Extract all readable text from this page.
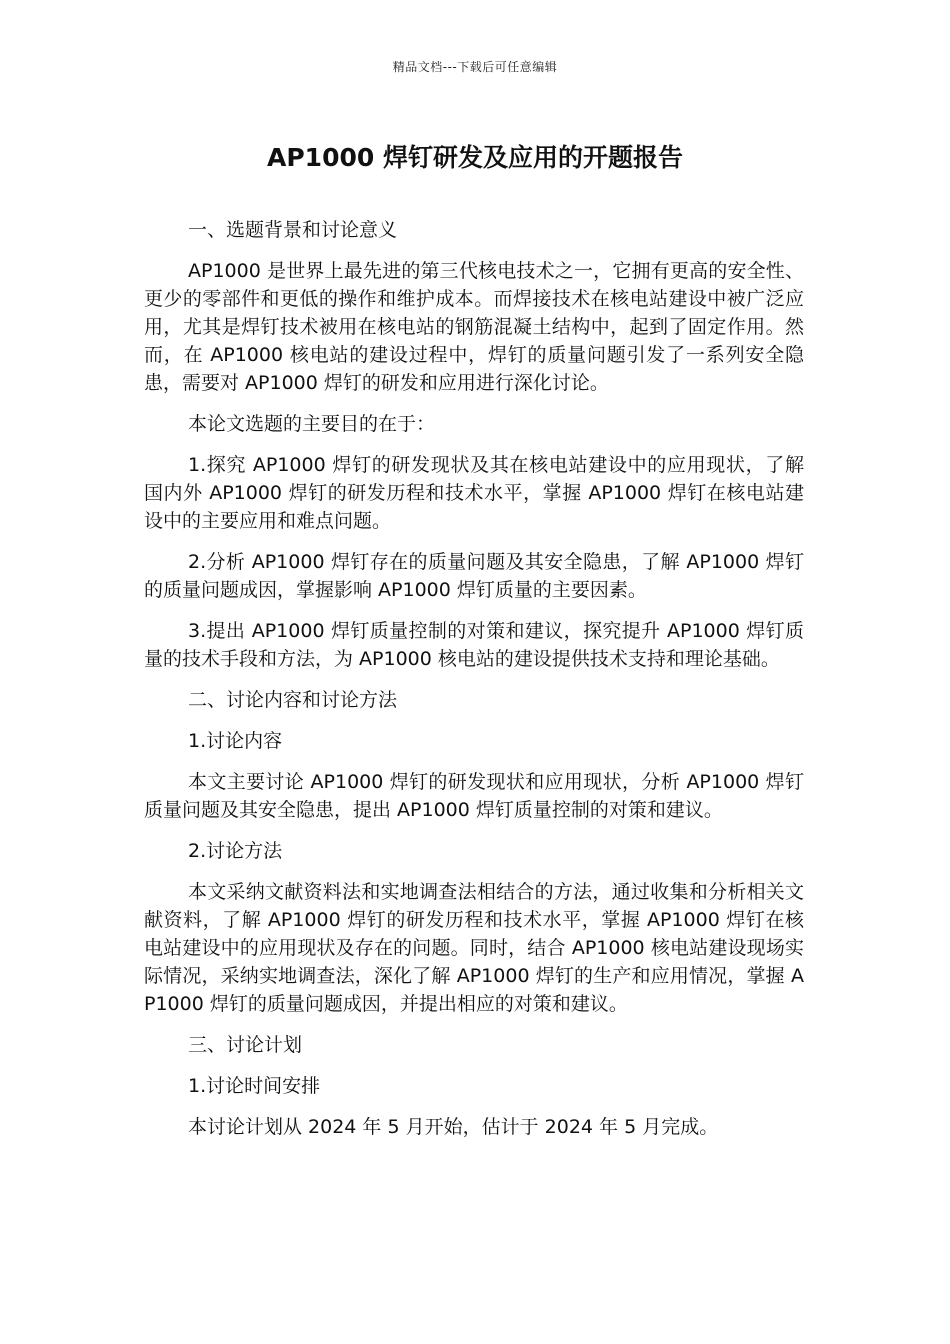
精品文档---下载后可任意编辑
AP1000 焊钉研发及应用的开题报告

一、选题背景和讨论意义

AP1000 是世界上最先进的第三代核电技术之一，它拥有更高的安全性、更少的零部件和更低的操作和维护成本。而焊接技术在核电站建设中被广泛应用，尤其是焊钉技术被用在核电站的钢筋混凝土结构中，起到了固定作用。然而，在 AP1000 核电站的建设过程中，焊钉的质量问题引发了一系列安全隐患，需要对 AP1000 焊钉的研发和应用进行深化讨论。

本论文选题的主要目的在于：

1.探究 AP1000 焊钉的研发现状及其在核电站建设中的应用现状，了解国内外 AP1000 焊钉的研发历程和技术水平，掌握 AP1000 焊钉在核电站建设中的主要应用和难点问题。

2.分析 AP1000 焊钉存在的质量问题及其安全隐患，了解 AP1000 焊钉的质量问题成因，掌握影响 AP1000 焊钉质量的主要因素。

3.提出 AP1000 焊钉质量控制的对策和建议，探究提升 AP1000 焊钉质量的技术手段和方法，为 AP1000 核电站的建设提供技术支持和理论基础。

二、讨论内容和讨论方法

1.讨论内容

本文主要讨论 AP1000 焊钉的研发现状和应用现状，分析 AP1000 焊钉质量问题及其安全隐患，提出 AP1000 焊钉质量控制的对策和建议。

2.讨论方法

本文采纳文献资料法和实地调查法相结合的方法，通过收集和分析相关文献资料，了解 AP1000 焊钉的研发历程和技术水平，掌握 AP1000 焊钉在核电站建设中的应用现状及存在的问题。同时，结合 AP1000 核电站建设现场实际情况，采纳实地调查法，深化了解 AP1000 焊钉的生产和应用情况，掌握 AP1000 焊钉的质量问题成因，并提出相应的对策和建议。

三、讨论计划

1.讨论时间安排

本讨论计划从 2024 年 5 月开始，估计于 2024 年 5 月完成。
